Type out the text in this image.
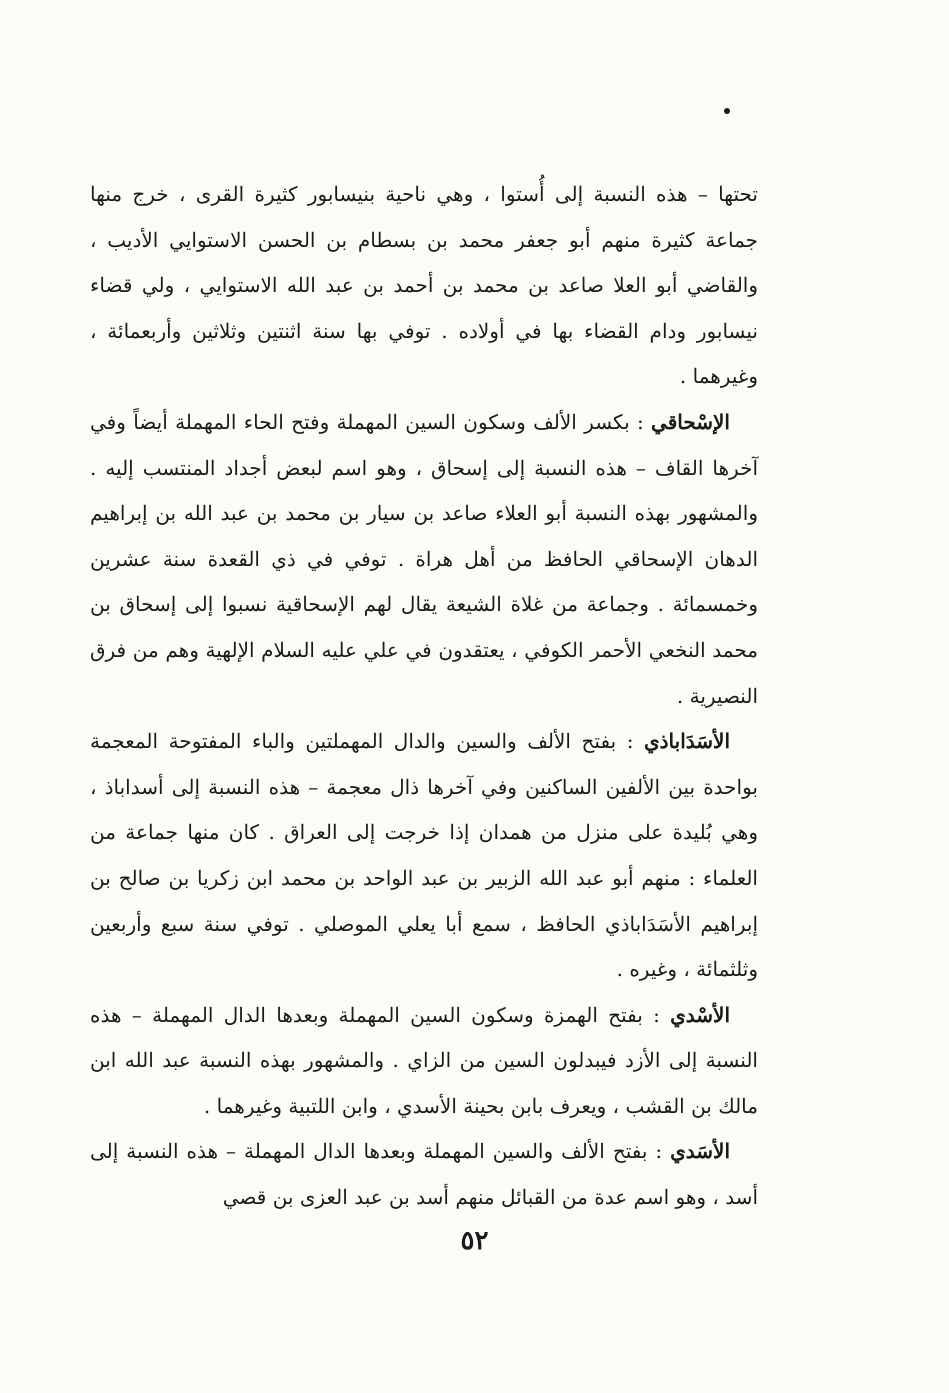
تحتها – هذه النسبة إلى أُستوا ، وهي ناحية بنيسابور كثيرة القرى ، خرج منها جماعة كثيرة منهم أبو جعفر محمد بن بسطام بن الحسن الاستوايي الأديب ، والقاضي أبو العلا صاعد بن محمد بن أحمد بن عبد الله الاستوايي ، ولي قضاء نيسابور ودام القضاء بها في أولاده . توفي بها سنة اثنتين وثلاثين وأربعمائة ، وغيرهما .

الإسْحاقي : بكسر الألف وسكون السين المهملة وفتح الحاء المهملة أيضاً وفي آخرها القاف – هذه النسبة إلى إسحاق ، وهو اسم لبعض أجداد المنتسب إليه . والمشهور بهذه النسبة أبو العلاء صاعد بن سيار بن محمد بن عبد الله بن إبراهيم الدهان الإسحاقي الحافظ من أهل هراة . توفي في ذي القعدة سنة عشرين وخمسمائة . وجماعة من غلاة الشيعة يقال لهم الإسحاقية نسبوا إلى إسحاق بن محمد النخعي الأحمر الكوفي ، يعتقدون في علي عليه السلام الإلهية وهم من فرق النصيرية .

الأسَدَاباذي : بفتح الألف والسين والدال المهملتين والباء المفتوحة المعجمة بواحدة بين الألفين الساكنين وفي آخرها ذال معجمة – هذه النسبة إلى أسداباذ ، وهي بُليدة على منزل من همدان إذا خرجت إلى العراق . كان منها جماعة من العلماء : منهم أبو عبد الله الزبير بن عبد الواحد بن محمد ابن زكريا بن صالح بن إبراهيم الأسَدَاباذي الحافظ ، سمع أبا يعلي الموصلي . توفي سنة سبع وأربعين وثلثمائة ، وغيره .

الأسْدي : بفتح الهمزة وسكون السين المهملة وبعدها الدال المهملة – هذه النسبة إلى الأزد فيبدلون السين من الزاي . والمشهور بهذه النسبة عبد الله ابن مالك بن القشب ، ويعرف بابن بحينة الأسدي ، وابن اللتبية وغيرهما .

الأسَدي : بفتح الألف والسين المهملة وبعدها الدال المهملة – هذه النسبة إلى أسد ، وهو اسم عدة من القبائل منهم أسد بن عبد العزى بن قصي

٥٢
